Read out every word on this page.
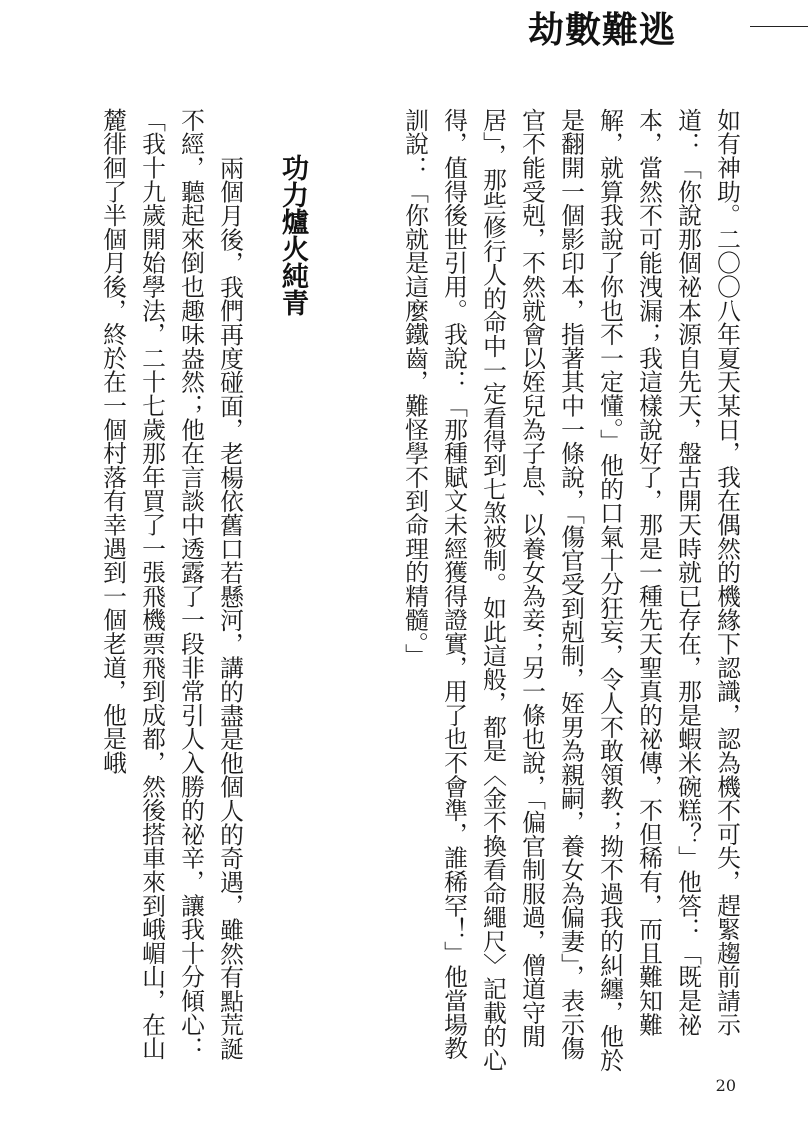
劫數難逃

如有神助。二〇〇八年夏天某日，我在偶然的機緣下認識，認為機不可失，趕緊趨前請示道：「你說那個祕本源自先天，盤古開天時就已存在，那是蝦米碗糕？」他答：「既是祕本，當然不可能洩漏；我這樣說好了，那是一種先天聖真的祕傳，不但稀有，而且難知難解，就算我說了你也不一定懂。」他的口氣十分狂妄，令人不敢領教；拗不過我的糾纏，他於是翻開一個影印本，指著其中一條說，「傷官受到剋制，姪男為親嗣，養女為偏妻」，表示傷官不能受剋，不然就會以姪兒為子息、以養女為妾；另一條也說，「偏官制服過，僧道守閒居」，那些修行人的命中一定看得到七煞被制。如此這般，都是〈金不換看命繩尺〉記載的心得，值得後世引用。我說：「那種賦文未經獲得證實，用了也不會準，誰稀罕！」他當場教訓說：「你就是這麼鐵齒，難怪學不到命理的精髓。」

功力爐火純青

兩個月後，我們再度碰面，老楊依舊口若懸河，講的盡是他個人的奇遇，雖然有點荒誕不經，聽起來倒也趣味盎然；他在言談中透露了一段非常引人入勝的祕辛，讓我十分傾心：「我十九歲開始學法，二十七歲那年買了一張飛機票飛到成都，然後搭車來到峨嵋山，在山麓徘徊了半個月後，終於在一個村落有幸遇到一個老道，他是峨

20
